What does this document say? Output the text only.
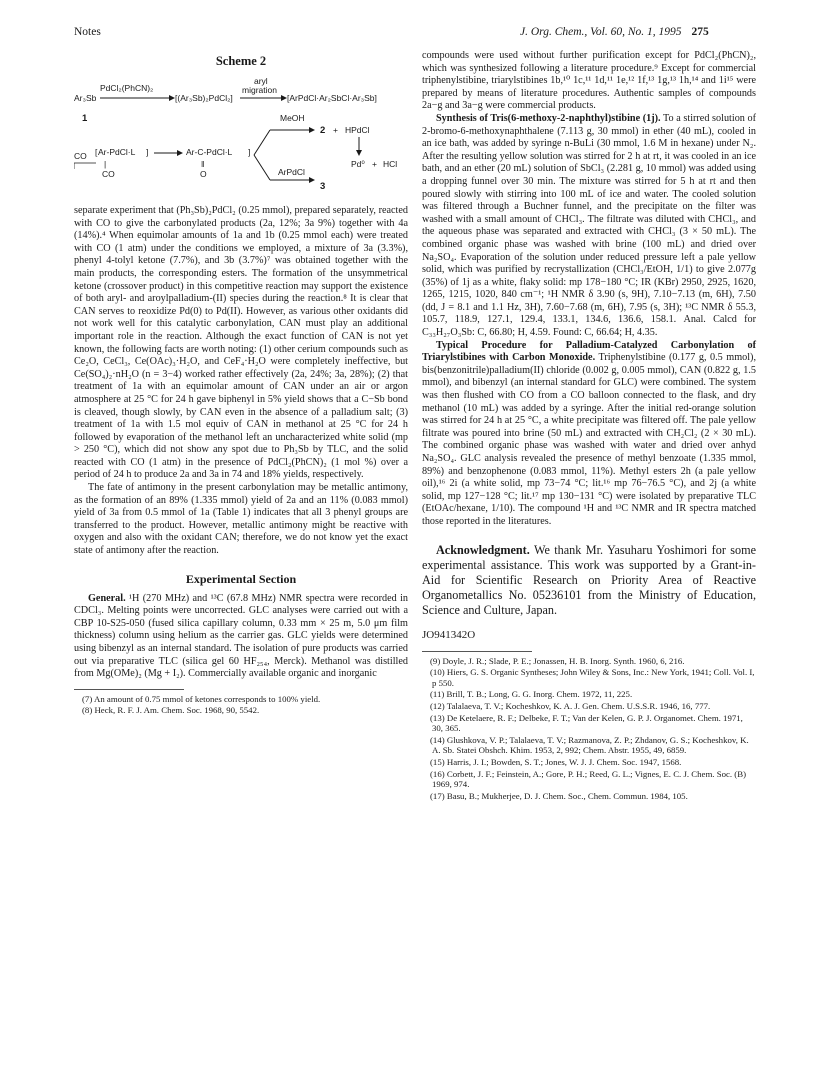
Notes	J. Org. Chem., Vol. 60, No. 1, 1995 275
Scheme 2
Ar₃Sb
PdCl₂(PhCN)₂
[(Ar₃Sb)₂PdCl₂]
aryl
migration
[ArPdCl·Ar₂SbCl·Ar₃Sb]
1
CO [ Ar-PdCl·L
|
CO
]	Ar-C-PdCl·L
‖
O
]
MeOH
2 + HPdCl
Pd⁰ + HCl
ArPdCl
3

separate experiment that (Ph₃Sb)₂PdCl₂ (0.25 mmol), prepared separately, reacted with CO to give the carbonylated products (2a, 12%; 3a 9%) together with 4a (14%).⁴ When equimolar amounts of 1a and 1b (0.25 mmol each) were treated with CO (1 atm) under the conditions we employed, a mixture of 3a (3.3%), phenyl 4-tolyl ketone (7.7%), and 3b (3.7%)⁷ was obtained together with the main products, the corresponding esters. The formation of the unsymmetrical ketone (crossover product) in this competitive reaction may support the existence of both aryl- and aroylpalladium-(II) species during the reaction.⁸ It is clear that CAN serves to reoxidize Pd(0) to Pd(II). However, as various other oxidants did not work well for this catalytic carbonylation, CAN must play an additional important role in the reaction. Although the exact function of CAN is not yet known, the following facts are worth noting: (1) other cerium compounds such as Ce₂O, CeCl₃, Ce(OAc)₃·H₂O, and CeF₄·H₂O were completely ineffective, but Ce(SO₄)₂·nH₂O (n = 3−4) worked rather effectively (2a, 24%; 3a, 28%); (2) that treatment of 1a with an equimolar amount of CAN under an air or argon atmosphere at 25 °C for 24 h gave biphenyl in 5% yield shows that a C−Sb bond is cleaved, though slowly, by CAN even in the absence of a palladium salt; (3) treatment of 1a with 1.5 mol equiv of CAN in methanol at 25 °C for 24 h followed by evaporation of the methanol left an uncharacterized white solid (mp > 250 °C), which did not show any spot due to Ph₃Sb by TLC, and the solid reacted with CO (1 atm) in the presence of PdCl₂(PhCN)₂ (1 mol %) over a period of 24 h to produce 2a and 3a in 74 and 18% yields, respectively.

The fate of antimony in the present carbonylation may be metallic antimony, as the formation of an 89% (1.335 mmol) yield of 2a and an 11% (0.083 mmol) yield of 3a from 0.5 mmol of 1a (Table 1) indicates that all 3 phenyl groups are transferred to the product. However, metallic antimony might be reactive with oxygen and also with the oxidant CAN; therefore, we do not know yet the exact state of antimony after the reaction.

Experimental Section

General. ¹H (270 MHz) and ¹³C (67.8 MHz) NMR spectra were recorded in CDCl₃. Melting points were uncorrected. GLC analyses were carried out with a CBP 10-S25-050 (fused silica capillary column, 0.33 mm × 25 m, 5.0 μm film thickness) column using helium as the carrier gas. GLC yields were determined using bibenzyl as an internal standard. The isolation of pure products was carried out via preparative TLC (silica gel 60 HF₂₅₄, Merck). Methanol was distilled from Mg(OMe)₂ (Mg + I₂). Commercially available organic and inorganic

(7) An amount of 0.75 mmol of ketones corresponds to 100% yield.

(8) Heck, R. F. J. Am. Chem. Soc. 1968, 90, 5542.

compounds were used without further purification except for PdCl₂(PhCN)₂, which was synthesized following a literature procedure.⁹ Except for commercial triphenylstibine, triarylstibines 1b,¹⁰ 1c,¹¹ 1d,¹¹ 1e,¹² 1f,¹³ 1g,¹³ 1h,¹⁴ and 1i¹⁵ were prepared by means of literature procedures. Authentic samples of compounds 2a−g and 3a−g were commercial products.

Synthesis of Tris(6-methoxy-2-naphthyl)stibine (1j). To a stirred solution of 2-bromo-6-methoxynaphthalene (7.113 g, 30 mmol) in ether (40 mL), cooled in an ice bath, was added by syringe n-BuLi (30 mmol, 1.6 M in hexane) under N₂. After the resulting yellow solution was stirred for 2 h at rt, it was cooled in an ice bath, and an ether (20 mL) solution of SbCl₃ (2.281 g, 10 mmol) was added using a dropping funnel over 30 min. The mixture was stirred for 5 h at rt and then poured slowly with stirring into 100 mL of ice and water. The cooled solution was filtered through a Buchner funnel, and the precipitate on the filter was washed with a small amount of CHCl₃. The filtrate was diluted with CHCl₃, and the aqueous phase was separated and extracted with CHCl₃ (3 × 50 mL). The combined organic phase was washed with brine (100 mL) and dried over Na₂SO₄. Evaporation of the solution under reduced pressure left a pale yellow solid, which was purified by recrystallization (CHCl₃/EtOH, 1/1) to give 2.077g (35%) of 1j as a white, flaky solid: mp 178−180 °C; IR (KBr) 2950, 2925, 1620, 1265, 1215, 1020, 840 cm⁻¹; ¹H NMR δ 3.90 (s, 9H), 7.10−7.13 (m, 6H), 7.50 (dd, J = 8.1 and 1.1 Hz, 3H), 7.60−7.68 (m, 6H), 7.95 (s, 3H); ¹³C NMR δ 55.3, 105.7, 118.9, 127.1, 129.4, 133.1, 134.6, 136.6, 158.1. Anal. Calcd for C₃₃H₂₇O₃Sb: C, 66.80; H, 4.59. Found: C, 66.64; H, 4.35.

Typical Procedure for Palladium-Catalyzed Carbonylation of Triarylstibines with Carbon Monoxide. Triphenylstibine (0.177 g, 0.5 mmol), bis(benzonitrile)palladium(II) chloride (0.002 g, 0.005 mmol), CAN (0.822 g, 1.5 mmol), and bibenzyl (an internal standard for GLC) were combined. The system was then flushed with CO from a CO balloon connected to the flask, and dry methanol (10 mL) was added by a syringe. After the initial red-orange solution was stirred for 24 h at 25 °C, a white precipitate was filtered off. The pale yellow filtrate was poured into brine (50 mL) and extracted with CH₂Cl₂ (2 × 30 mL). The combined organic phase was washed with water and dried over anhyd Na₂SO₄. GLC analysis revealed the presence of methyl benzoate (1.335 mmol, 89%) and benzophenone (0.083 mmol, 11%). Methyl esters 2h (a pale yellow oil),¹⁶ 2i (a white solid, mp 73−74 °C; lit.¹⁶ mp 76−76.5 °C), and 2j (a white solid, mp 127−128 °C; lit.¹⁷ mp 130−131 °C) were isolated by preparative TLC (EtOAc/hexane, 1/10). The compound ¹H and ¹³C NMR and IR spectra matched those reported in the literatures.

Acknowledgment. We thank Mr. Yasuharu Yoshimori for some experimental assistance. This work was supported by a Grant-in-Aid for Scientific Research on Priority Area of Reactive Organometallics No. 05236101 from the Ministry of Education, Science and Culture, Japan.

JO941342O

(9) Doyle, J. R.; Slade, P. E.; Jonassen, H. B. Inorg. Synth. 1960, 6, 216.

(10) Hiers, G. S. Organic Syntheses; John Wiley & Sons, Inc.: New York, 1941; Coll. Vol. I, p 550.

(11) Brill, T. B.; Long, G. G. Inorg. Chem. 1972, 11, 225.

(12) Talalaeva, T. V.; Kocheshkov, K. A. J. Gen. Chem. U.S.S.R. 1946, 16, 777.

(13) De Ketelaere, R. F.; Delbeke, F. T.; Van der Kelen, G. P. J. Organomet. Chem. 1971, 30, 365.

(14) Glushkova, V. P.; Talalaeva, T. V.; Razmanova, Z. P.; Zhdanov, G. S.; Kocheshkov, K. A. Sb. Statei Obshch. Khim. 1953, 2, 992; Chem. Abstr. 1955, 49, 6859.

(15) Harris, J. I.; Bowden, S. T.; Jones, W. J. J. Chem. Soc. 1947, 1568.

(16) Corbett, J. F.; Feinstein, A.; Gore, P. H.; Reed, G. L.; Vignes, E. C. J. Chem. Soc. (B) 1969, 974.

(17) Basu, B.; Mukherjee, D. J. Chem. Soc., Chem. Commun. 1984, 105.
